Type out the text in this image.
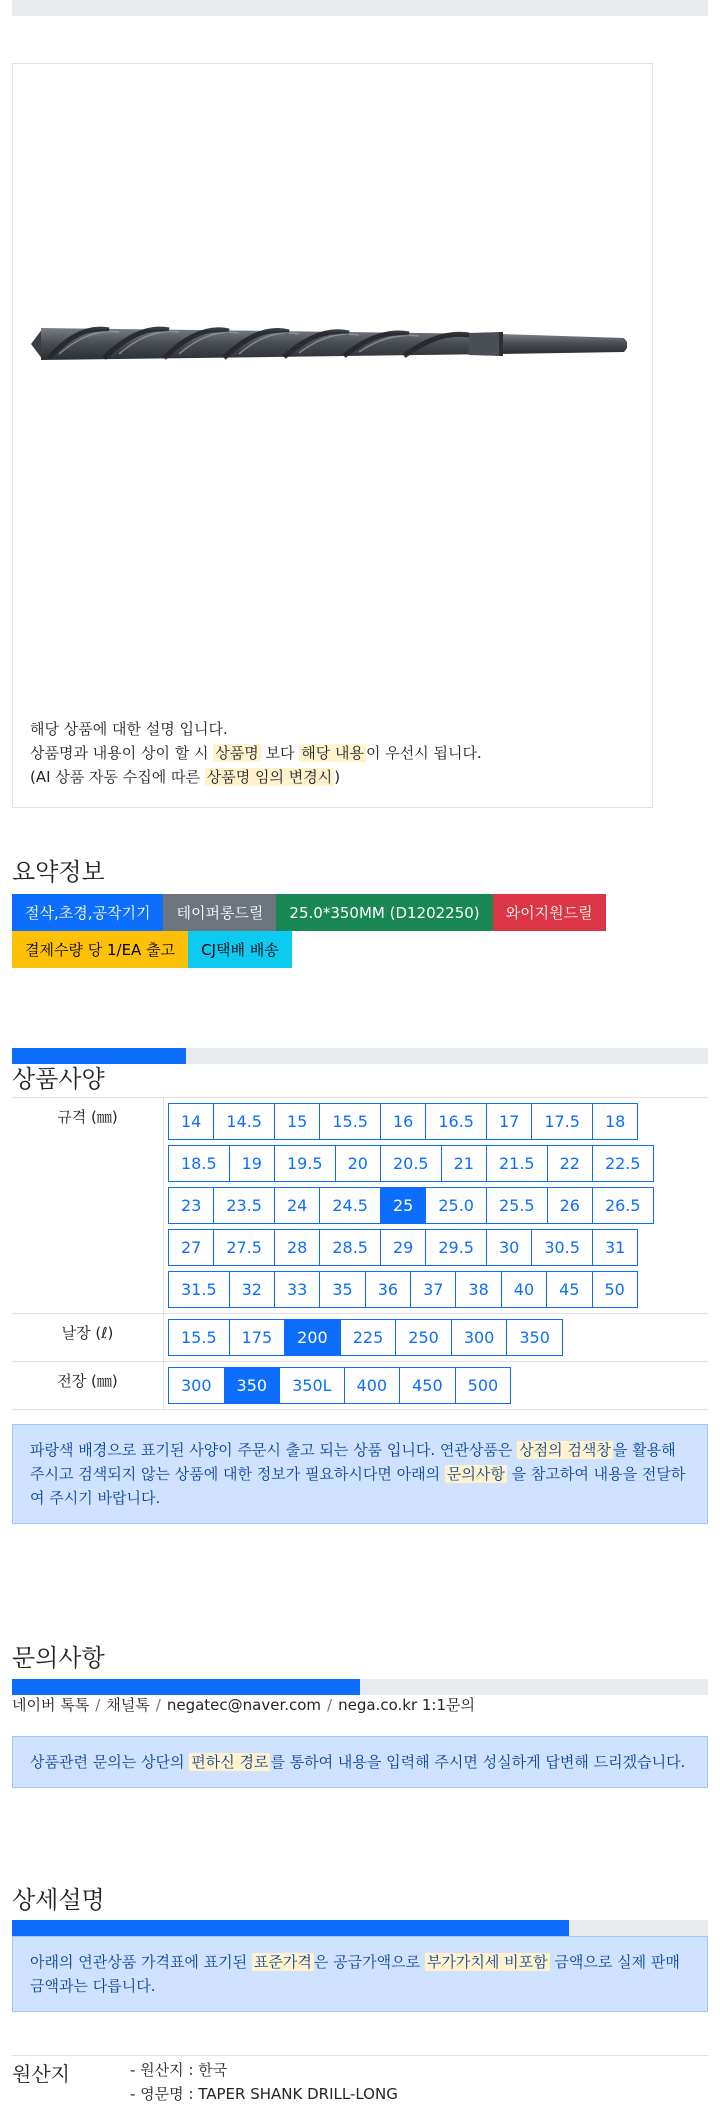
해당 상품에 대한 설명 입니다.
상품명과 내용이 상이 할 시 상품명 보다 해당 내용 이 우선시 됩니다.
(AI 상품 자동 수집에 따른 상품명 임의 변경시 )
요약정보
절삭,초경,공작기기	테이퍼롱드릴	25.0*350MM (D1202250)	와이지원드릴
결제수량 당 1/EA 출고	CJ택배 배송
상품사양
규격 (㎜)	14	14.5	15	15.5	16	16.5	17	17.5	18
18.5	19	19.5	20	20.5	21	21.5	22	22.5
23	23.5	24	24.5	25	25.0	25.5	26	26.5
27	27.5	28	28.5	29	29.5	30	30.5	31
31.5	32	33	35	36	37	38	40	45	50
날장 (ℓ)	15.5	175	200	225	250	300	350
전장 (㎜)	300	350	350L	400	450	500
파랑색 배경으로 표기된 사양이 주문시 출고 되는 상품 입니다. 연관상품은 상점의 검색창 을 활용해 주시고 검색되지 않는 상품에 대한 정보가 필요하시다면 아래의 문의사항 을 참고하여 내용을 전달하여 주시기 바랍니다.
문의사항
네이버 톡톡 / 채널톡 / negatec@naver.com / nega.co.kr 1:1문의
상품관련 문의는 상단의 편하신 경로 를 통하여 내용을 입력해 주시면 성실하게 답변해 드리겠습니다.
상세설명
아래의 연관상품 가격표에 표기된 표준가격 은 공급가액으로 부가가치세 비포함 금액으로 실제 판매금액과는 다릅니다.
원산지	- 원산지 : 한국
- 영문명 : TAPER SHANK DRILL-LONG
